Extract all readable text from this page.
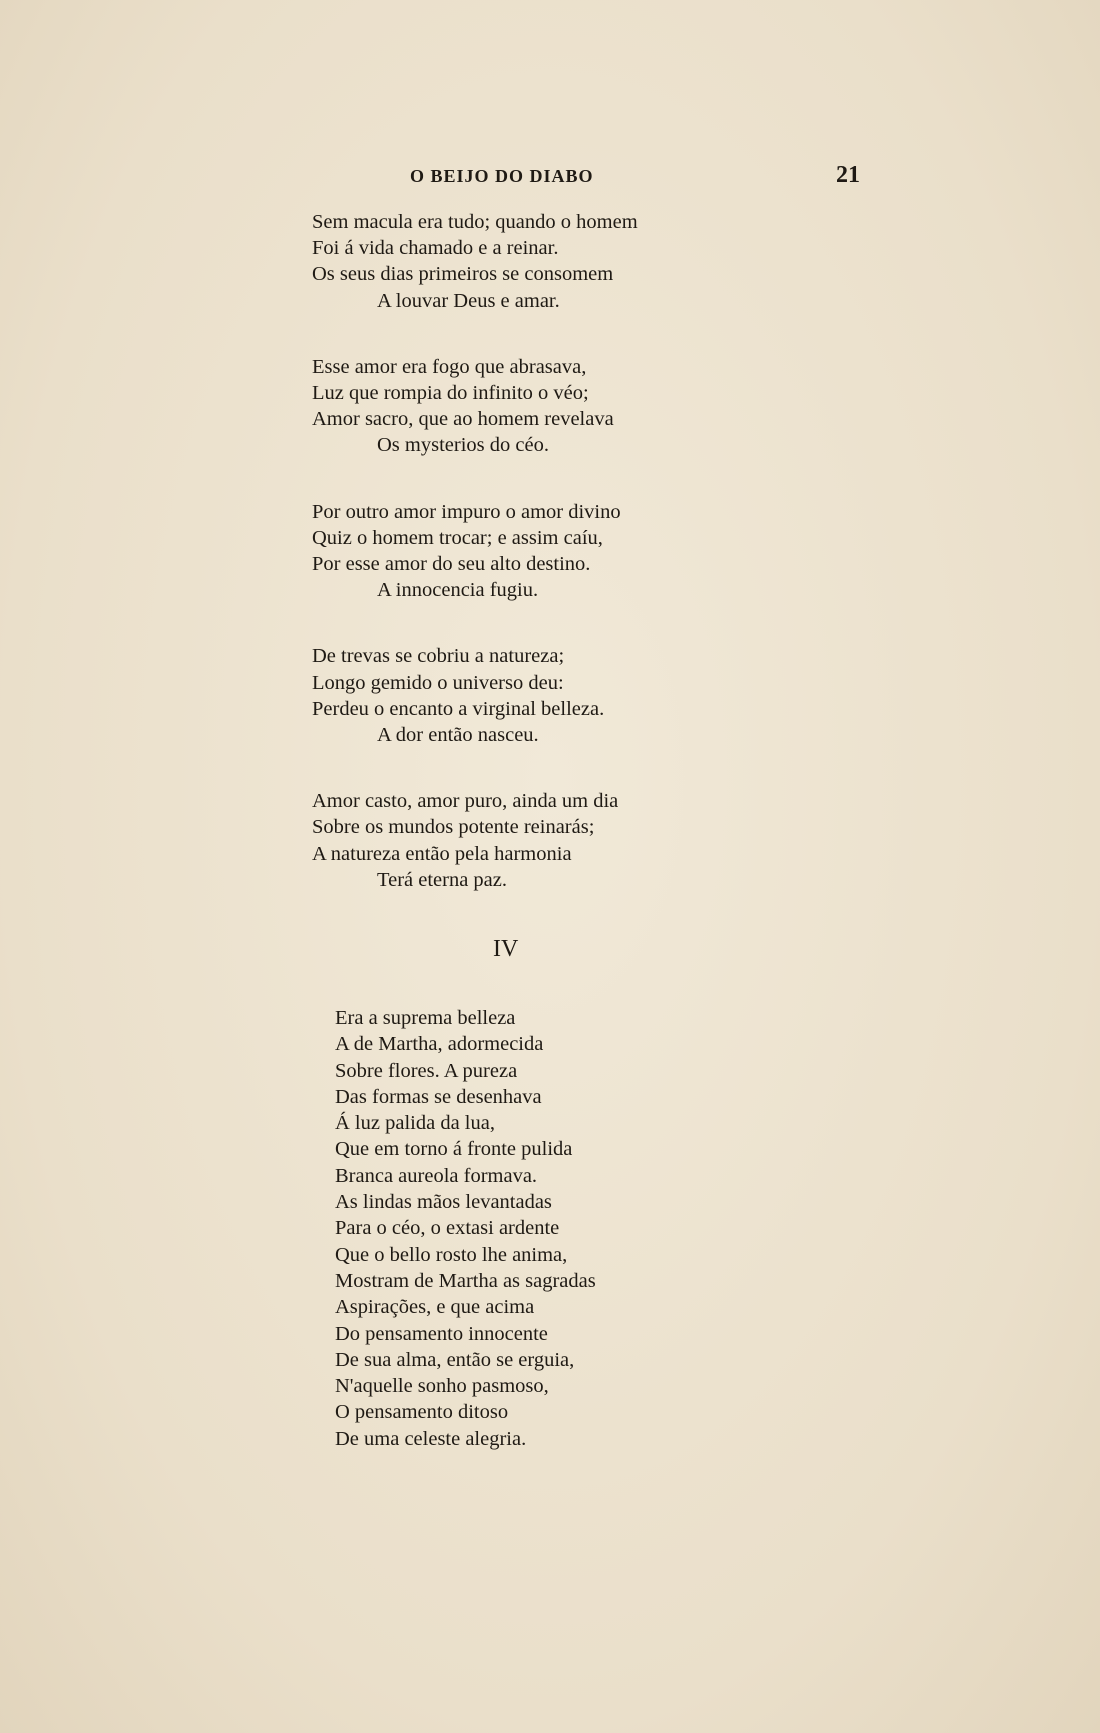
O BEIJO DO DIABO	21
Sem macula era tudo; quando o homem
Foi á vida chamado e a reinar.
Os seus dias primeiros se consomem
A louvar Deus e amar.
Esse amor era fogo que abrasava,
Luz que rompia do infinito o véo;
Amor sacro, que ao homem revelava
Os mysterios do céo.
Por outro amor impuro o amor divino
Quiz o homem trocar; e assim caíu,
Por esse amor do seu alto destino.
A innocencia fugiu.
De trevas se cobriu a natureza;
Longo gemido o universo deu:
Perdeu o encanto a virginal belleza.
A dor então nasceu.
Amor casto, amor puro, ainda um dia
Sobre os mundos potente reinarás;
A natureza então pela harmonia
Terá eterna paz.
IV
Era a suprema belleza
A de Martha, adormecida
Sobre flores. A pureza
Das formas se desenhava
Á luz palida da lua,
Que em torno á fronte pulida
Branca aureola formava.
As lindas mãos levantadas
Para o céo, o extasi ardente
Que o bello rosto lhe anima,
Mostram de Martha as sagradas
Aspirações, e que acima
Do pensamento innocente
De sua alma, então se erguia,
N'aquelle sonho pasmoso,
O pensamento ditoso
De uma celeste alegria.
